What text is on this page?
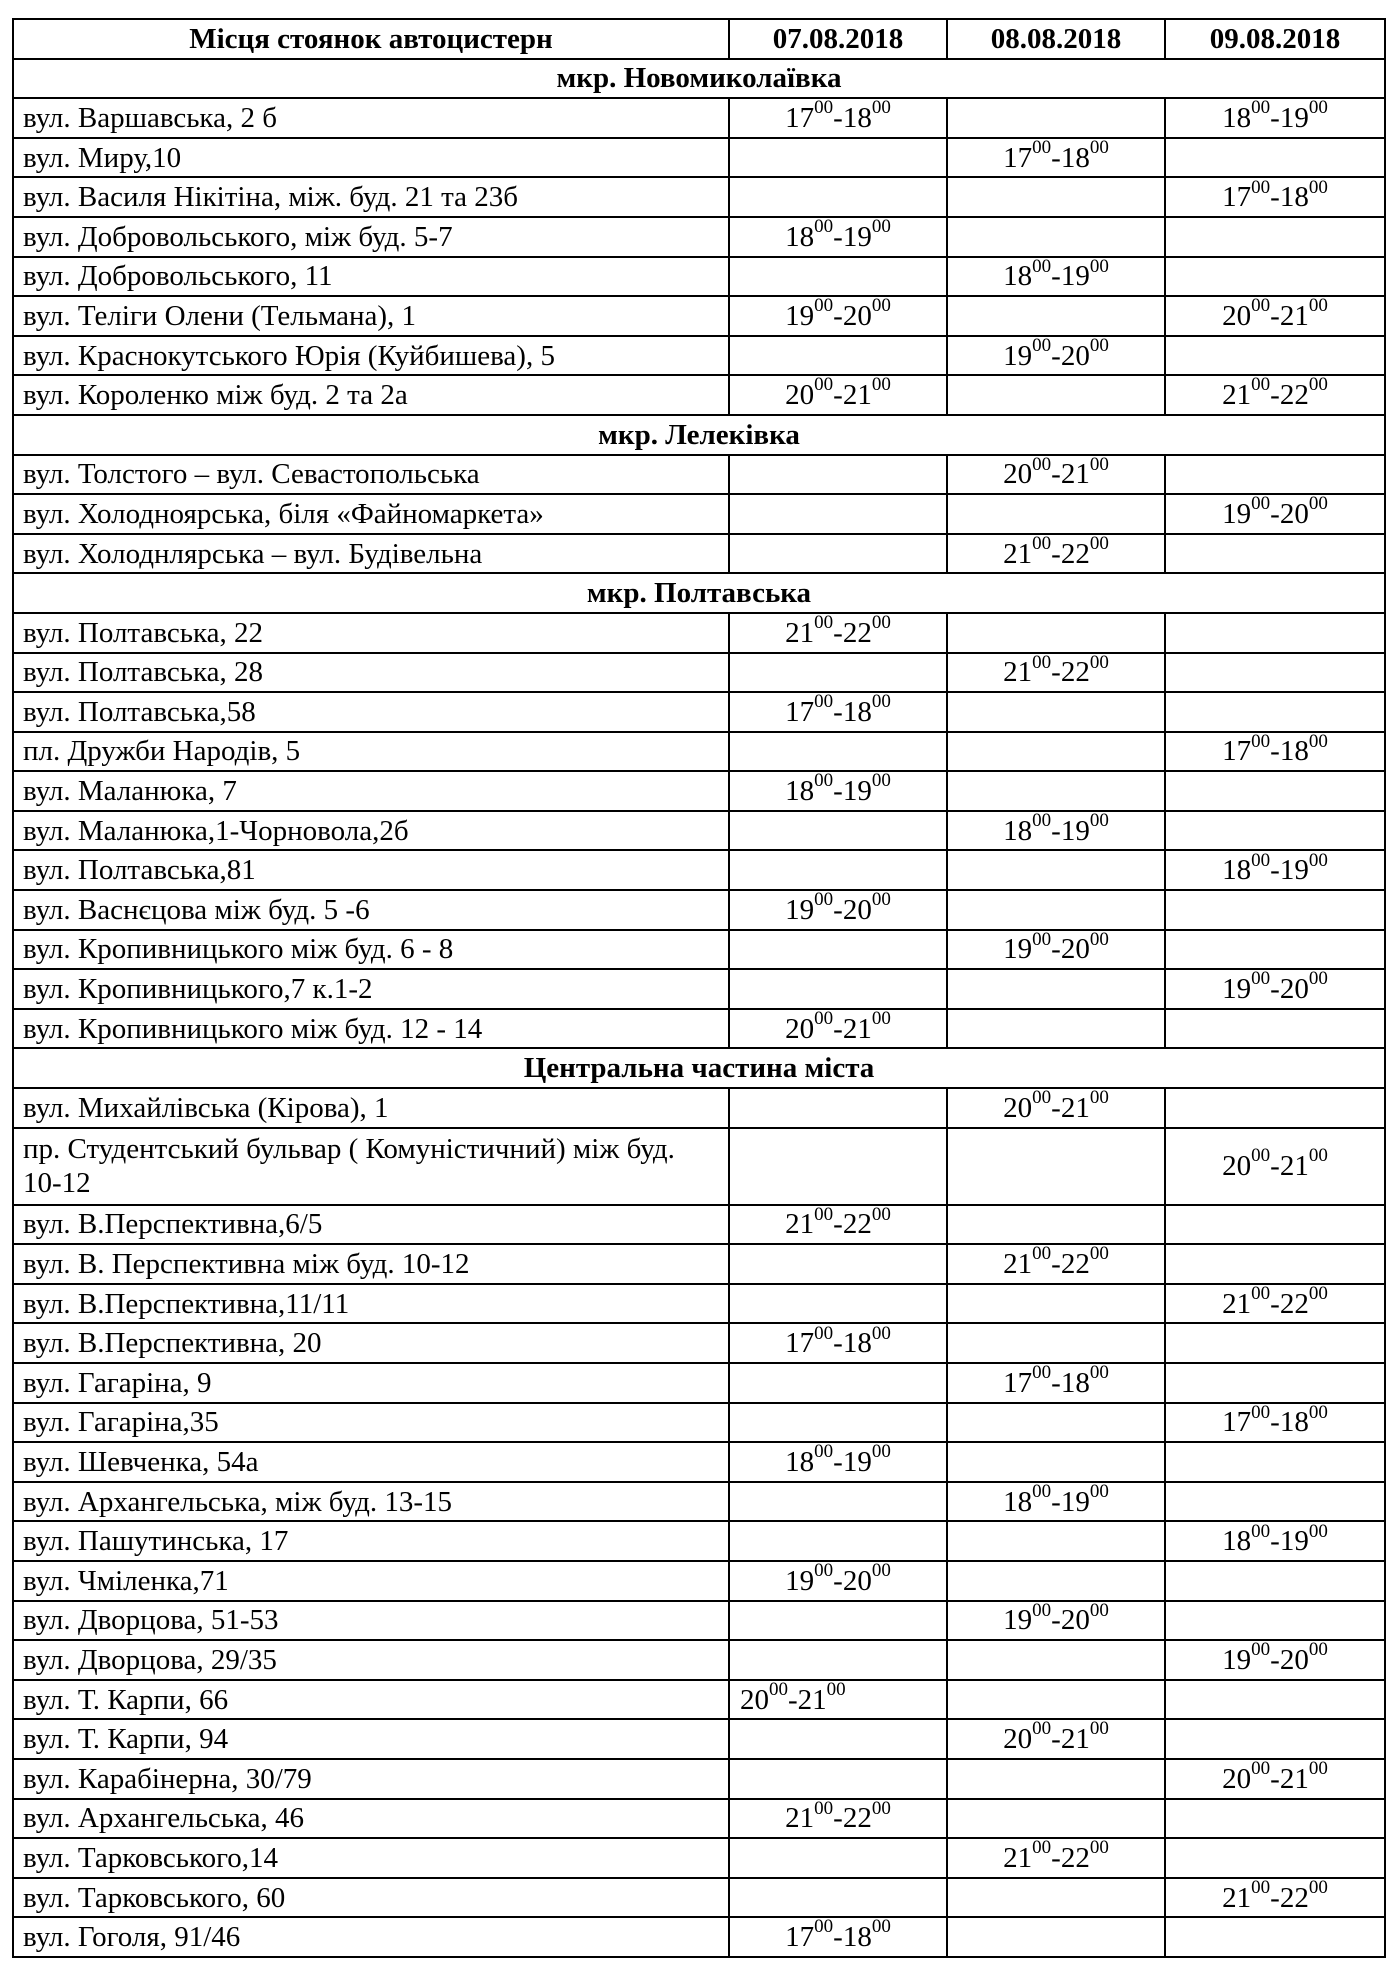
Місця стоянок автоцистерн	07.08.2018	08.08.2018	09.08.2018
мкр. Новомиколаївка			
вул. Варшавська, 2 б	$17^{00}-18^{00}$		$18^{00}-19^{00}$
вул. Миру,10		$17^{00}-18^{00}$	
вул. Василя Нікітіна, між. буд. 21 та 23б			$17^{00}-18^{00}$
вул. Добровольського, між буд. 5-7	$18^{00}-19^{00}$		
вул. Добровольського, 11		$18^{00}-19^{00}$	
вул. Теліги Олени (Тельмана), 1	$19^{00}-20^{00}$		$20^{00}-21^{00}$
вул. Краснокутського Юрія (Куйбишева), 5		$19^{00}-20^{00}$	
вул. Короленко між буд. 2 та 2а	$20^{00}-21^{00}$		$21^{00}-22^{00}$
мкр. Лелеківка			
вул. Толстого – вул. Севастопольська		$20^{00}-21^{00}$	
вул. Холодноярська, біля «Файномаркета»			$19^{00}-20^{00}$
вул. Холоднлярська – вул. Будівельна		$21^{00}-22^{00}$	
мкр. Полтавська			
вул. Полтавська, 22	$21^{00}-22^{00}$		
вул. Полтавська, 28		$21^{00}-22^{00}$	
вул. Полтавська,58	$17^{00}-18^{00}$		
пл. Дружби Народів, 5			$17^{00}-18^{00}$
вул. Маланюка, 7	$18^{00}-19^{00}$		
вул. Маланюка,1-Чорновола,2б		$18^{00}-19^{00}$	
вул. Полтавська,81			$18^{00}-19^{00}$
вул. Васнєцова між буд. 5 -6	$19^{00}-20^{00}$		
вул. Кропивницького між буд. 6 - 8		$19^{00}-20^{00}$	
вул. Кропивницького,7 к.1-2			$19^{00}-20^{00}$
вул. Кропивницького між буд. 12 - 14	$20^{00}-21^{00}$		
Центральна частина міста			
вул. Михайлівська (Кірова), 1		$20^{00}-21^{00}$	
пр. Студентський бульвар ( Комуністичний) між буд. 10-12			$20^{00}-21^{00}$
вул. В.Перспективна,6/5	$21^{00}-22^{00}$		
вул. В. Перспективна між буд. 10-12		$21^{00}-22^{00}$	
вул. В.Перспективна,11/11			$21^{00}-22^{00}$
вул. В.Перспективна, 20	$17^{00}-18^{00}$		
вул. Гагаріна, 9		$17^{00}-18^{00}$	
вул. Гагаріна,35			$17^{00}-18^{00}$
вул. Шевченка, 54а	$18^{00}-19^{00}$		
вул. Архангельська, між буд. 13-15		$18^{00}-19^{00}$	
вул. Пашутинська, 17			$18^{00}-19^{00}$
вул. Чміленка,71	$19^{00}-20^{00}$		
вул. Дворцова, 51-53		$19^{00}-20^{00}$	
вул. Дворцова, 29/35			$19^{00}-20^{00}$
вул. Т. Карпи, 66	$20^{00}-21^{00}$		
вул. Т. Карпи, 94		$20^{00}-21^{00}$	
вул. Карабінерна, 30/79			$20^{00}-21^{00}$
вул. Архангельська, 46	$21^{00}-22^{00}$		
вул. Тарковського,14		$21^{00}-22^{00}$	
вул. Тарковського, 60			$21^{00}-22^{00}$
вул. Гоголя, 91/46	$17^{00}-18^{00}$		
